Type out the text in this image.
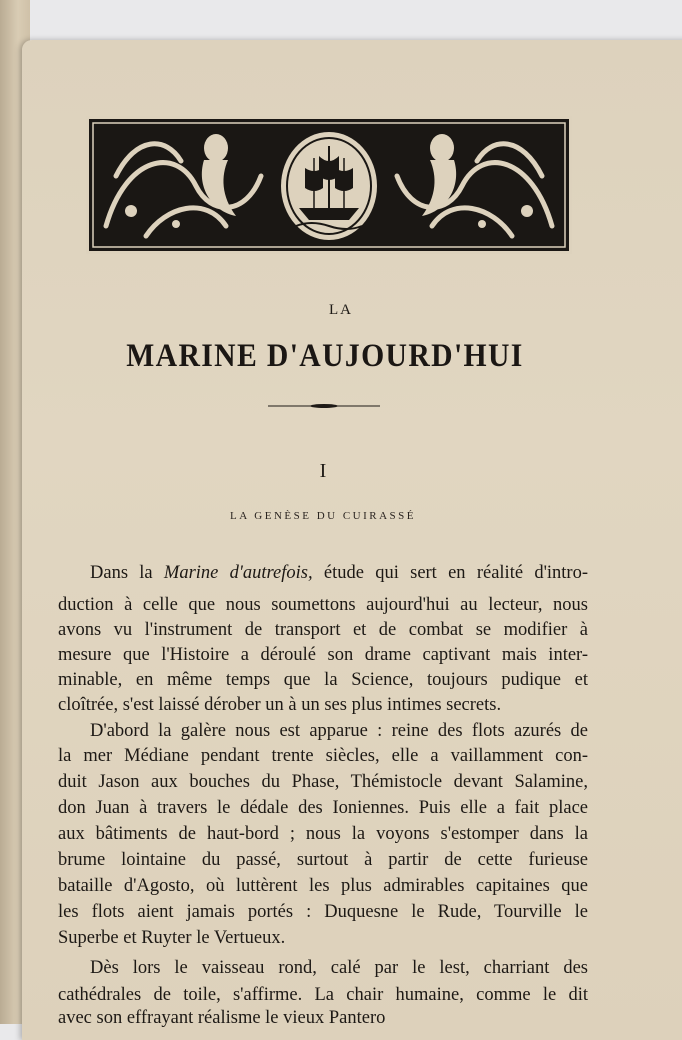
LA
MARINE D'AUJOURD'HUI
I
LA GENÈSE DU CUIRASSÉ
Dans la Marine d'autrefois, étude qui sert en réalité d'intro-
duction à celle que nous soumettons aujourd'hui au lecteur, nous
avons vu l'instrument de transport et de combat se modifier à
mesure que l'Histoire a déroulé son drame captivant mais inter-
minable, en même temps que la Science, toujours pudique et
cloîtrée, s'est laissé dérober un à un ses plus intimes secrets.
D'abord la galère nous est apparue : reine des flots azurés de
la mer Médiane pendant trente siècles, elle a vaillamment con-
duit Jason aux bouches du Phase, Thémistocle devant Salamine,
don Juan à travers le dédale des Ioniennes. Puis elle a fait place
aux bâtiments de haut-bord ; nous la voyons s'estomper dans la
brume lointaine du passé, surtout à partir de cette furieuse
bataille d'Agosto, où luttèrent les plus admirables capitaines que
les flots aient jamais portés : Duquesne le Rude, Tourville le
Superbe et Ruyter le Vertueux.
Dès lors le vaisseau rond, calé par le lest, charriant des
cathédrales de toile, s'affirme. La chair humaine, comme le dit
avec son effrayant réalisme le vieux Pantero
